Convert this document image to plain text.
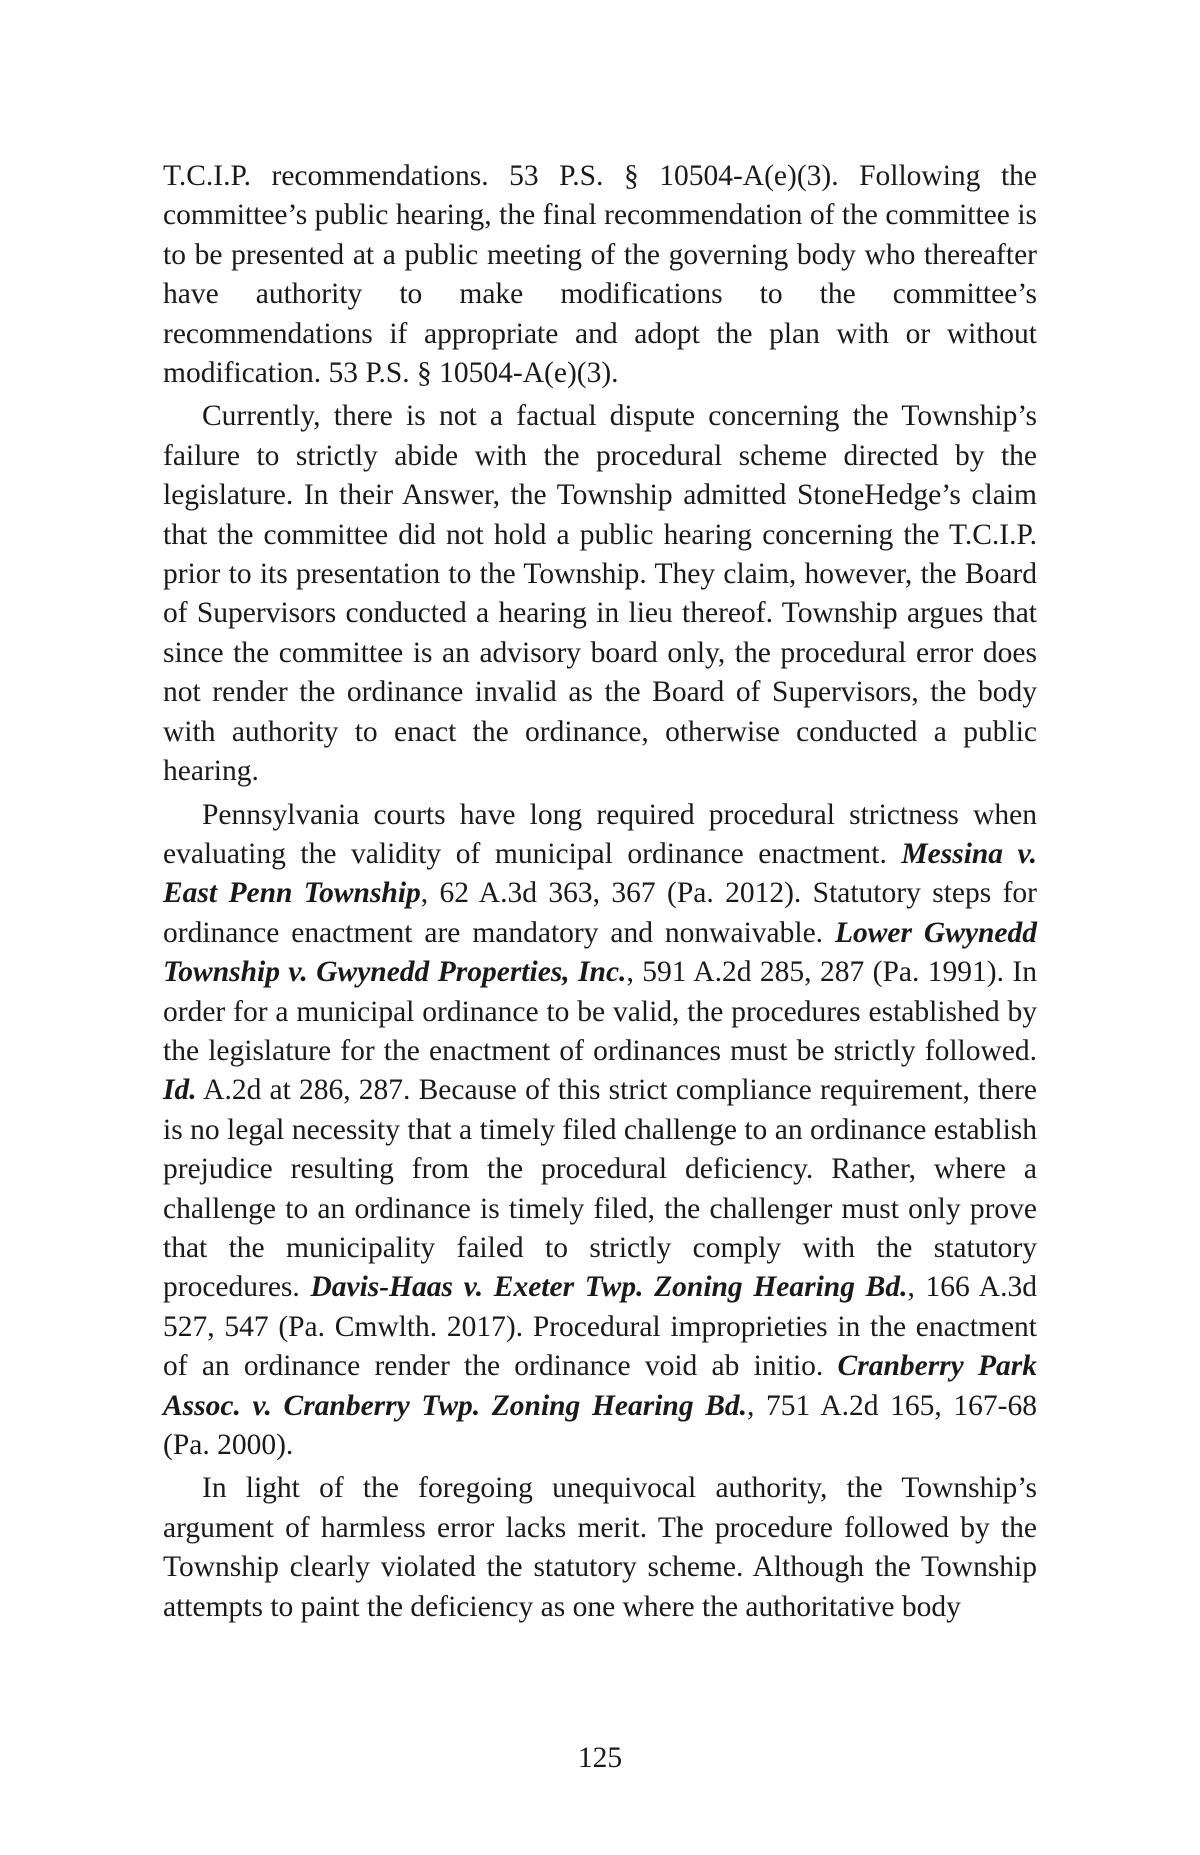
T.C.I.P. recommendations. 53 P.S. § 10504-A(e)(3). Following the committee’s public hearing, the final recommendation of the committee is to be presented at a public meeting of the governing body who thereafter have authority to make modifications to the committee’s recommendations if appropriate and adopt the plan with or without modification. 53 P.S. § 10504-A(e)(3).

Currently, there is not a factual dispute concerning the Township’s failure to strictly abide with the procedural scheme directed by the legislature. In their Answer, the Township admitted StoneHedge’s claim that the committee did not hold a public hearing concerning the T.C.I.P. prior to its presentation to the Township. They claim, however, the Board of Supervisors conducted a hearing in lieu thereof. Township argues that since the committee is an advisory board only, the procedural error does not render the ordinance invalid as the Board of Supervisors, the body with authority to enact the ordinance, otherwise conducted a public hearing.

Pennsylvania courts have long required procedural strictness when evaluating the validity of municipal ordinance enactment. Messina v. East Penn Township, 62 A.3d 363, 367 (Pa. 2012). Statutory steps for ordinance enactment are mandatory and nonwaivable. Lower Gwynedd Township v. Gwynedd Properties, Inc., 591 A.2d 285, 287 (Pa. 1991). In order for a municipal ordinance to be valid, the procedures established by the legislature for the enactment of ordinances must be strictly followed. Id. A.2d at 286, 287. Because of this strict compliance requirement, there is no legal necessity that a timely filed challenge to an ordinance establish prejudice resulting from the procedural deficiency. Rather, where a challenge to an ordinance is timely filed, the challenger must only prove that the municipality failed to strictly comply with the statutory procedures. Davis-Haas v. Exeter Twp. Zoning Hearing Bd., 166 A.3d 527, 547 (Pa. Cmwlth. 2017). Procedural improprieties in the enactment of an ordinance render the ordinance void ab initio. Cranberry Park Assoc. v. Cranberry Twp. Zoning Hearing Bd., 751 A.2d 165, 167-68 (Pa. 2000).

In light of the foregoing unequivocal authority, the Township’s argument of harmless error lacks merit. The procedure followed by the Township clearly violated the statutory scheme. Although the Township attempts to paint the deficiency as one where the authoritative body

125
